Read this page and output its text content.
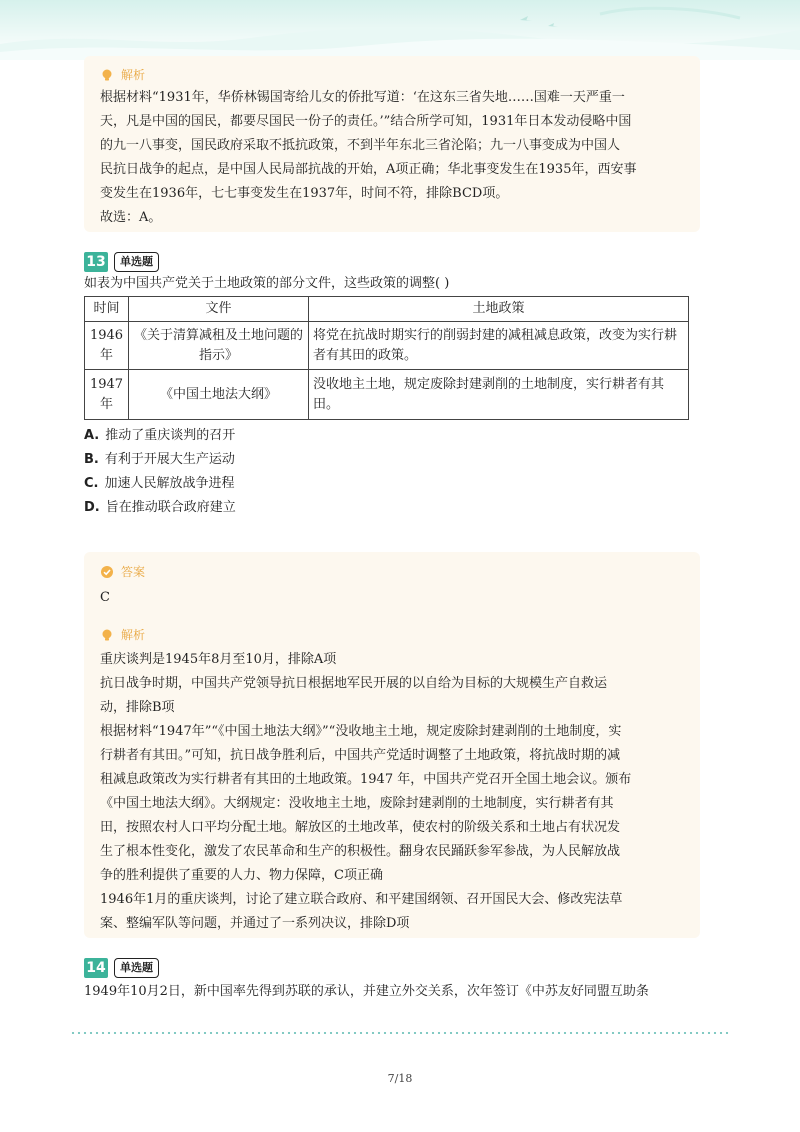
解析
根据材料“1931年，华侨林锡国寄给儿女的侨批写道：‘在这东三省失地……国难一天严重一
天，凡是中国的国民，都要尽国民一份子的责任。’”结合所学可知，1931年日本发动侵略中国
的九一八事变，国民政府采取不抵抗政策，不到半年东北三省沦陷；九一八事变成为中国人
民抗日战争的起点，是中国人民局部抗战的开始，A项正确；华北事变发生在1935年，西安事
变发生在1936年，七七事变发生在1937年，时间不符，排除BCD项。
故选：A。
13	单选题
如表为中国共产党关于土地政策的部分文件，这些政策的调整( )
时间	文件	土地政策
1946年	《关于清算减租及土地问题的指示》	将党在抗战时期实行的削弱封建的减租减息政策，改变为实行耕者有其田的政策。
1947年	《中国土地法大纲》	没收地主土地，规定废除封建剥削的土地制度，实行耕者有其田。
A. 推动了重庆谈判的召开
B. 有利于开展大生产运动
C. 加速人民解放战争进程
D. 旨在推动联合政府建立
答案
C
解析
重庆谈判是1945年8月至10月，排除A项
抗日战争时期，中国共产党领导抗日根据地军民开展的以自给为目标的大规模生产自救运
动，排除B项
根据材料“1947年”“《中国土地法大纲》”“没收地主土地，规定废除封建剥削的土地制度，实
行耕者有其田。”可知，抗日战争胜利后，中国共产党适时调整了土地政策，将抗战时期的减
租减息政策改为实行耕者有其田的土地政策。1947 年，中国共产党召开全国土地会议。颁布
《中国土地法大纲》。大纲规定：没收地主土地，废除封建剥削的土地制度，实行耕者有其
田，按照农村人口平均分配土地。解放区的土地改革，使农村的阶级关系和土地占有状况发
生了根本性变化，激发了农民革命和生产的积极性。翻身农民踊跃参军参战，为人民解放战
争的胜利提供了重要的人力、物力保障，C项正确
1946年1月的重庆谈判，讨论了建立联合政府、和平建国纲领、召开国民大会、修改宪法草
案、整编军队等问题，并通过了一系列决议，排除D项
14	单选题
1949年10月2日，新中国率先得到苏联的承认，并建立外交关系，次年签订《中苏友好同盟互助条
7/18
